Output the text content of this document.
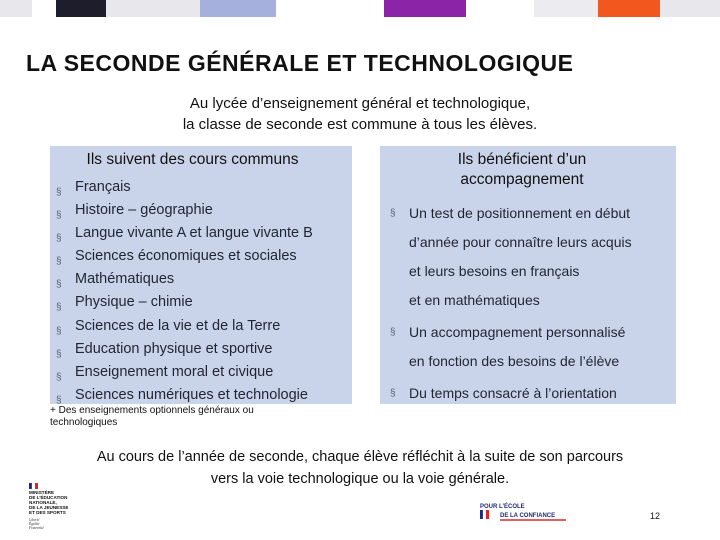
LA SECONDE GÉNÉRALE ET TECHNOLOGIQUE
Au lycée d’enseignement général et technologique,
la classe de seconde est commune à tous les élèves.
Ils suivent des cours communs
§ Français
§ Histoire – géographie
§ Langue vivante A et langue vivante B
§ Sciences économiques et sociales
§ Mathématiques
§ Physique – chimie
§ Sciences de la vie et de la Terre
§ Education physique et sportive
§ Enseignement moral et civique
§ Sciences numériques et technologie
Ils bénéficient d’un
accompagnement
§ Un test de positionnement en début
d’année pour connaître leurs acquis
et leurs besoins en français
et en mathématiques
§ Un accompagnement personnalisé
en fonction des besoins de l’élève
§ Du temps consacré à l’orientation
+ Des enseignements optionnels généraux ou
technologiques
Au cours de l’année de seconde, chaque élève réfléchit à la suite de son parcours
vers la voie technologique ou la voie générale.
MINISTÈRE
DE L’ÉDUCATION
NATIONALE,
DE LA JEUNESSE
ET DES SPORTS
Liberté
Égalité
Fraternité
POUR L’ÉCOLE
DE LA CONFIANCE	12
